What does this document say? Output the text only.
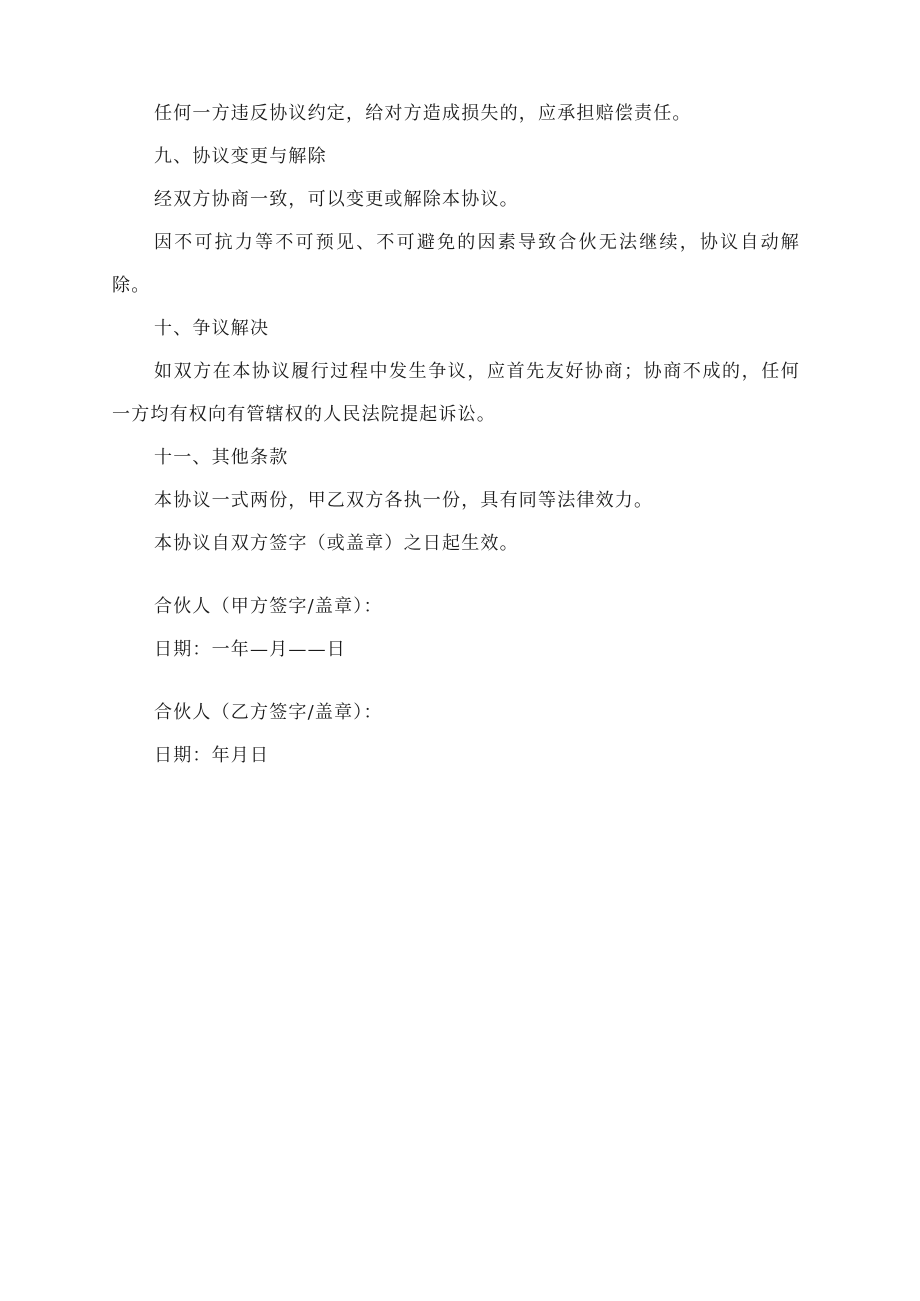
任何一方违反协议约定，给对方造成损失的，应承担赔偿责任。

九、协议变更与解除

经双方协商一致，可以变更或解除本协议。

因不可抗力等不可预见、不可避免的因素导致合伙无法继续，协议自动解除。

十、争议解决

如双方在本协议履行过程中发生争议，应首先友好协商；协商不成的，任何一方均有权向有管辖权的人民法院提起诉讼。

十一、其他条款

本协议一式两份，甲乙双方各执一份，具有同等法律效力。

本协议自双方签字（或盖章）之日起生效。

合伙人（甲方签字/盖章）：

日期：一年—月——日

合伙人（乙方签字/盖章）：

日期：年月日
